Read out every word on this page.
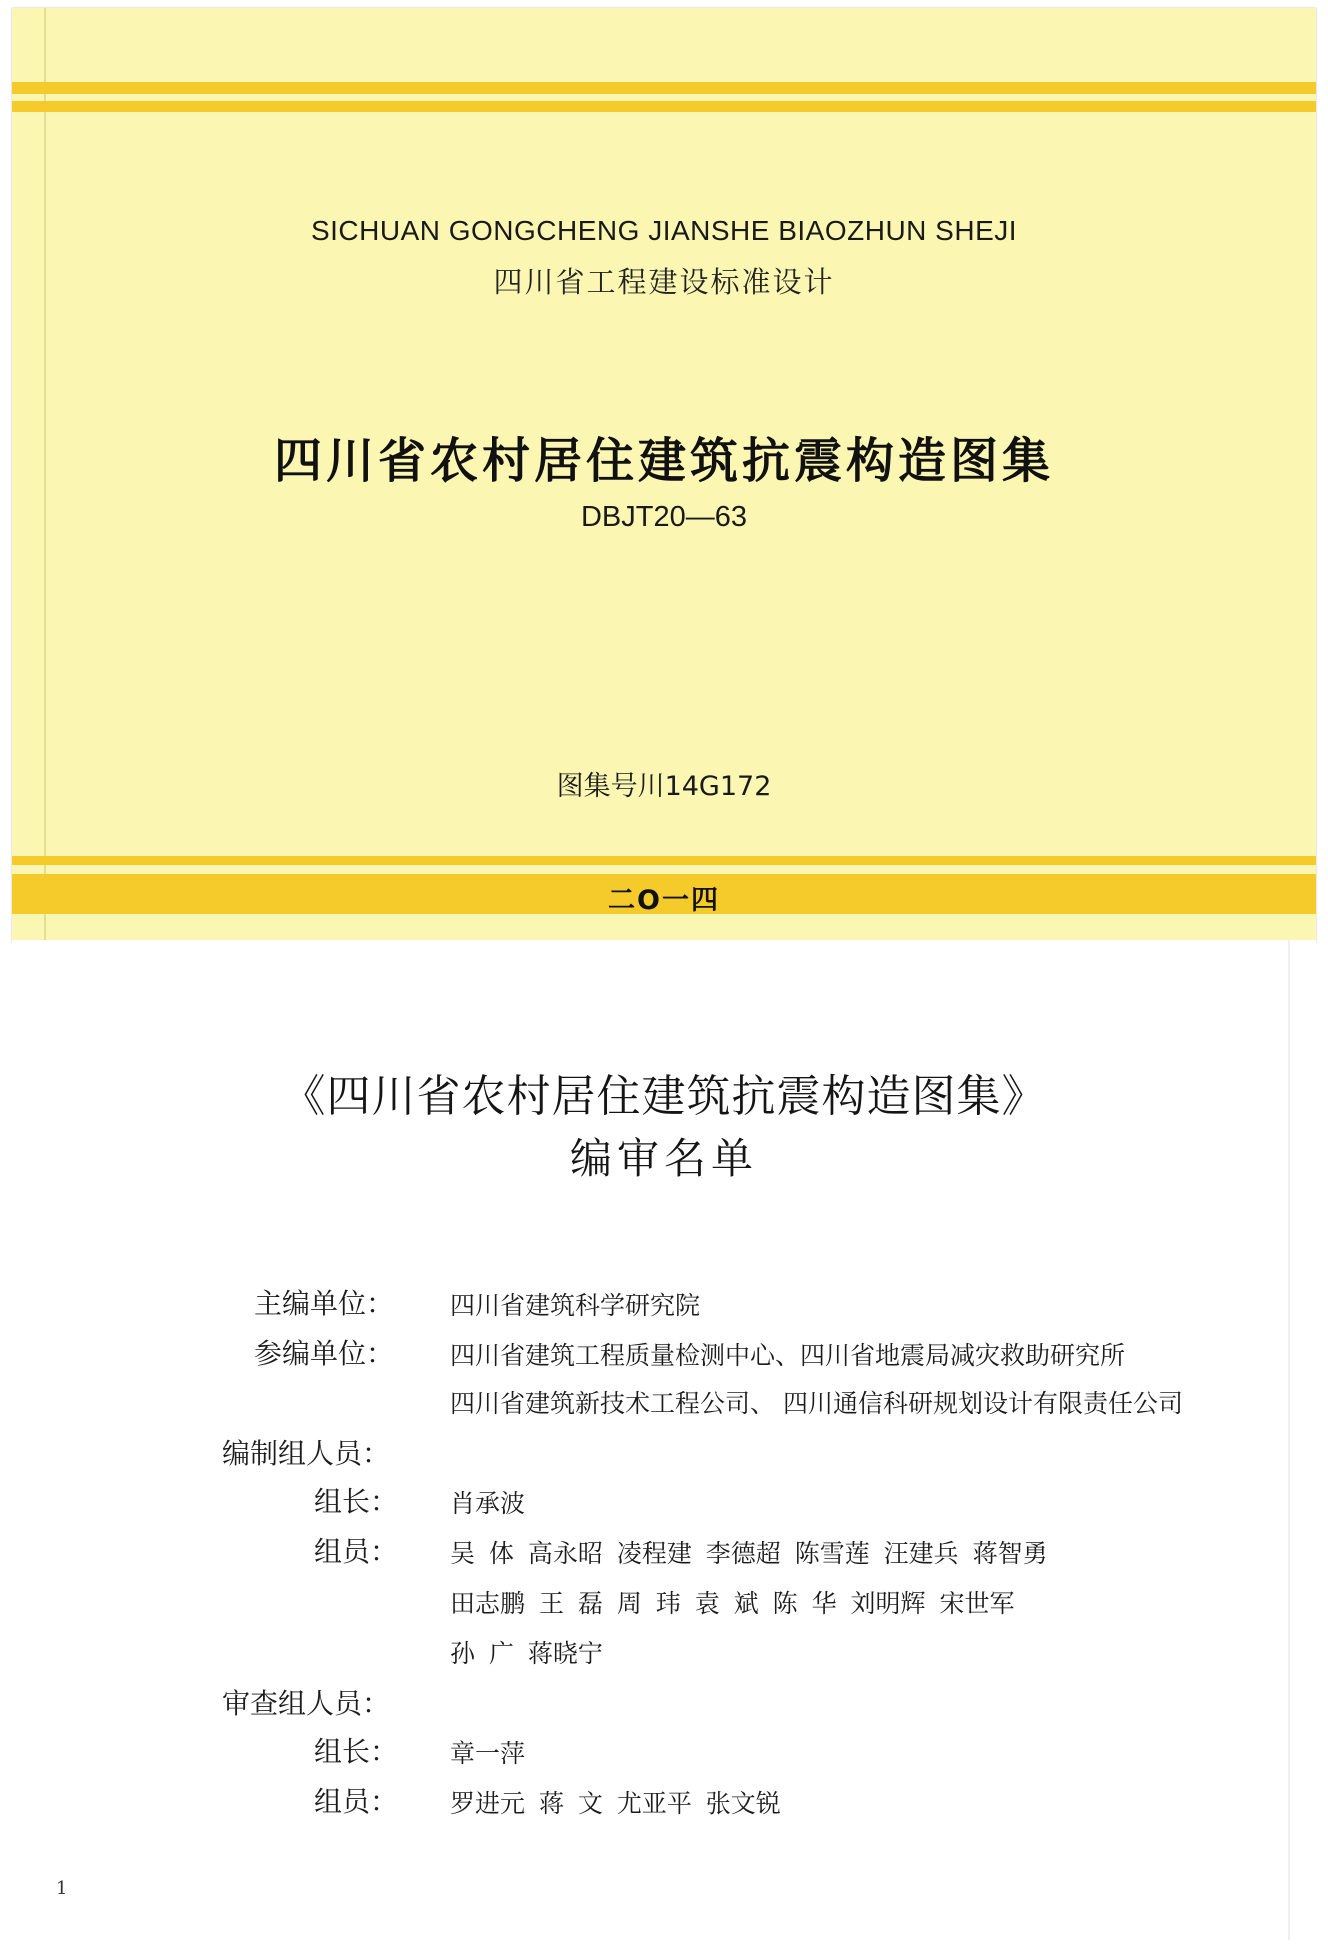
SICHUAN GONGCHENG JIANSHE BIAOZHUN SHEJI
四川省工程建设标准设计
四川省农村居住建筑抗震构造图集
DBJT20—63
图集号川14G172
二O一四
《四川省农村居住建筑抗震构造图集》
编审名单
主编单位： 四川省建筑科学研究院
参编单位： 四川省建筑工程质量检测中心、四川省地震局减灾救助研究所
四川省建筑新技术工程公司、 四川通信科研规划设计有限责任公司
编制组人员：
组长： 肖承波
组员： 吴 体 高永昭 凌程建 李德超 陈雪莲 汪建兵 蒋智勇
田志鹏 王 磊 周 玮 袁 斌 陈 华 刘明辉 宋世军
孙 广 蒋晓宁
审查组人员：
组长： 章一萍
组员： 罗进元 蒋 文 尤亚平 张文锐
1
